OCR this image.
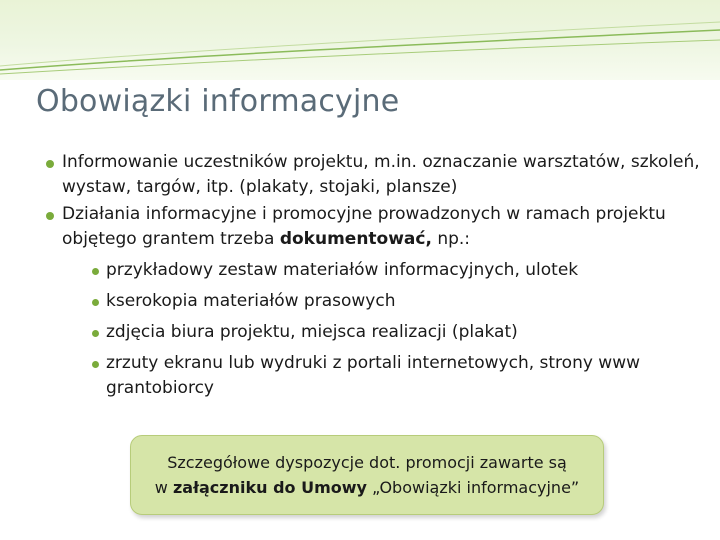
Obowiązki informacyjne
Informowanie uczestników projektu, m.in. oznaczanie warsztatów, szkoleń, wystaw, targów, itp. (plakaty, stojaki, plansze)
Działania informacyjne i promocyjne prowadzonych w ramach projektu objętego grantem trzeba dokumentować, np.:
przykładowy zestaw materiałów informacyjnych, ulotek
kserokopia materiałów prasowych
zdjęcia biura projektu, miejsca realizacji (plakat)
zrzuty ekranu lub wydruki z portali internetowych, strony www grantobiorcy
Szczegółowe dyspozycje dot. promocji zawarte są
w załączniku do Umowy „Obowiązki informacyjne”
